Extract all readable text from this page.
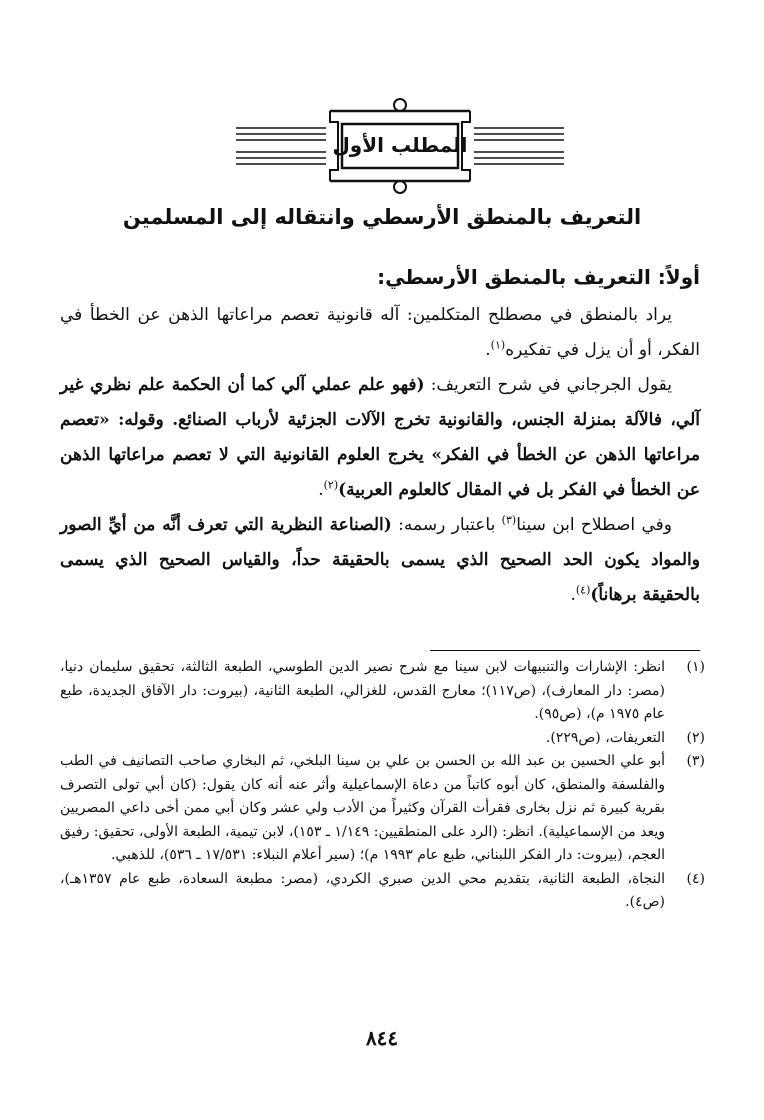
المطلب الأول
التعريف بالمنطق الأرسطي وانتقاله إلى المسلمين
أولاً: التعريف بالمنطق الأرسطي:

يراد بالمنطق في مصطلح المتكلمين: آله قانونية تعصم مراعاتها الذهن عن الخطأ في الفكر، أو أن يزل في تفكيره$^{(١)}$.

يقول الجرجاني في شرح التعريف: (فهو علم عملي آلي كما أن الحكمة علم نظري غير آلي، فالآلة بمنزلة الجنس، والقانونية تخرج الآلات الجزئية لأرباب الصنائع. وقوله: «تعصم مراعاتها الذهن عن الخطأ في الفكر» يخرج العلوم القانونية التي لا تعصم مراعاتها الذهن عن الخطأ في الفكر بل في المقال كالعلوم العربية)$^{(٢)}$.

وفي اصطلاح ابن سينا$^{(٣)}$ باعتبار رسمه: (الصناعة النظرية التي تعرف أنَّه من أيِّ الصور والمواد يكون الحد الصحيح الذي يسمى بالحقيقة حداً، والقياس الصحيح الذي يسمى بالحقيقة برهاناً)$^{(٤)}$.

(١)
انظر: الإشارات والتنبيهات لابن سينا مع شرح نصير الدين الطوسي، الطبعة الثالثة، تحقيق سليمان دنيا، (مصر: دار المعارف)، (ص١١٧)؛ معارج القدس، للغزالي، الطبعة الثانية، (بيروت: دار الآفاق الجديدة، طبع عام ١٩٧٥ م)، (ص٩٥).
(٢)
التعريفات، (ص٢٢٩).
(٣)
أبو علي الحسين بن عبد الله بن الحسن بن علي بن سينا البلخي، ثم البخاري صاحب التصانيف في الطب والفلسفة والمنطق، كان أبوه كاتباً من دعاة الإسماعيلية وأثر عنه أنه كان يقول: (كان أبي تولى التصرف بقرية كبيرة ثم نزل بخارى فقرأت القرآن وكثيراً من الأدب ولي عشر وكان أبي ممن أخى داعي المصريين ويعد من الإسماعيلية). انظر: (الرد على المنطقيين: ١/١٤٩ ـ ١٥٣)، لابن تيمية، الطبعة الأولى، تحقيق: رفيق العجم، (بيروت: دار الفكر اللبناني، طبع عام ١٩٩٣ م)؛ (سير أعلام النبلاء: ١٧/٥٣١ ـ ٥٣٦)، للذهبي.
(٤)
النجاة، الطبعة الثانية، بتقديم محي الدين صبري الكردي، (مصر: مطبعة السعادة، طبع عام ١٣٥٧هـ)، (ص٤).
٨٤٤
